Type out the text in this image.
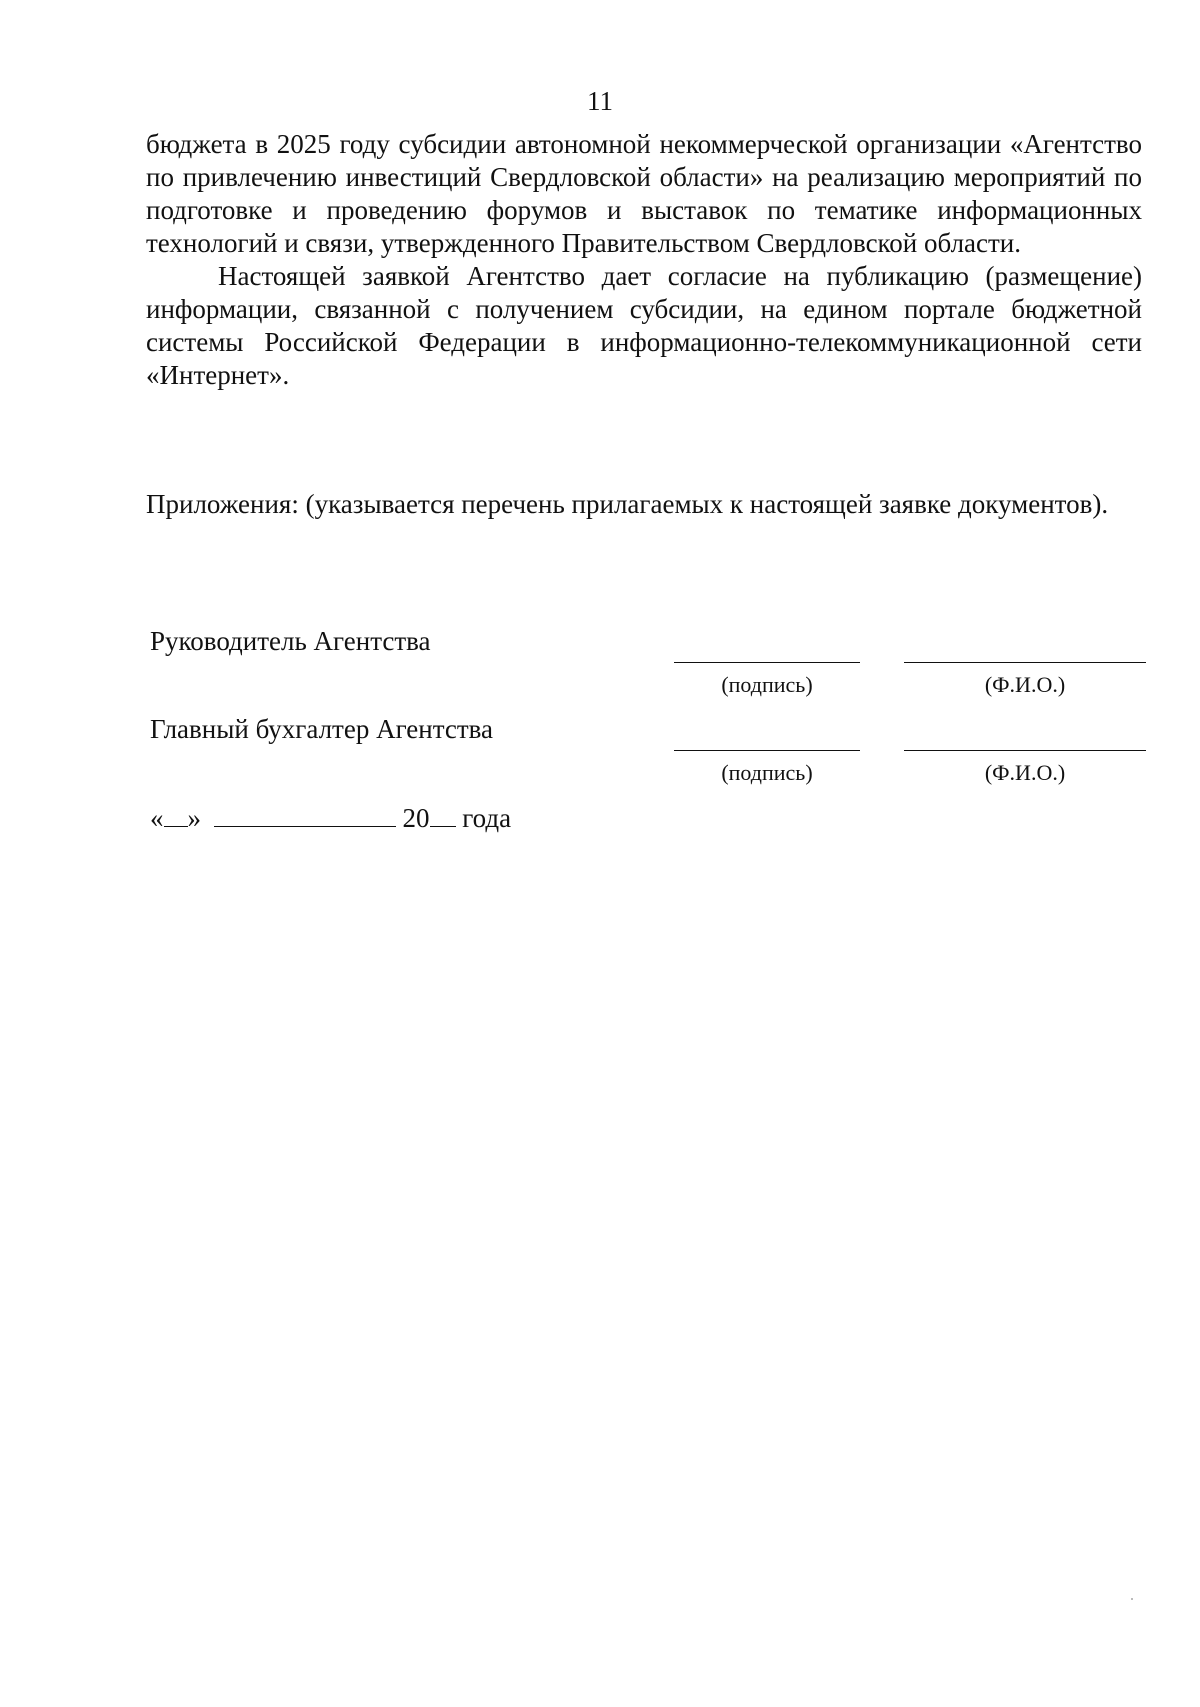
11

бюджета в 2025 году субсидии автономной некоммерческой организации «Агентство по привлечению инвестиций Свердловской области» на реализацию мероприятий по подготовке и проведению форумов и выставок по тематике информационных технологий и связи, утвержденного Правительством Свердловской области.

Настоящей заявкой Агентство дает согласие на публикацию (размещение) информации, связанной с получением субсидии, на едином портале бюджетной системы Российской Федерации в информационно-телекоммуникационной сети «Интернет».

Приложения: (указывается перечень прилагаемых к настоящей заявке документов).
Руководитель Агентства
(подпись)	(Ф.И.О.)
Главный бухгалтер Агентства
(подпись)	(Ф.И.О.)
« »	20 года
